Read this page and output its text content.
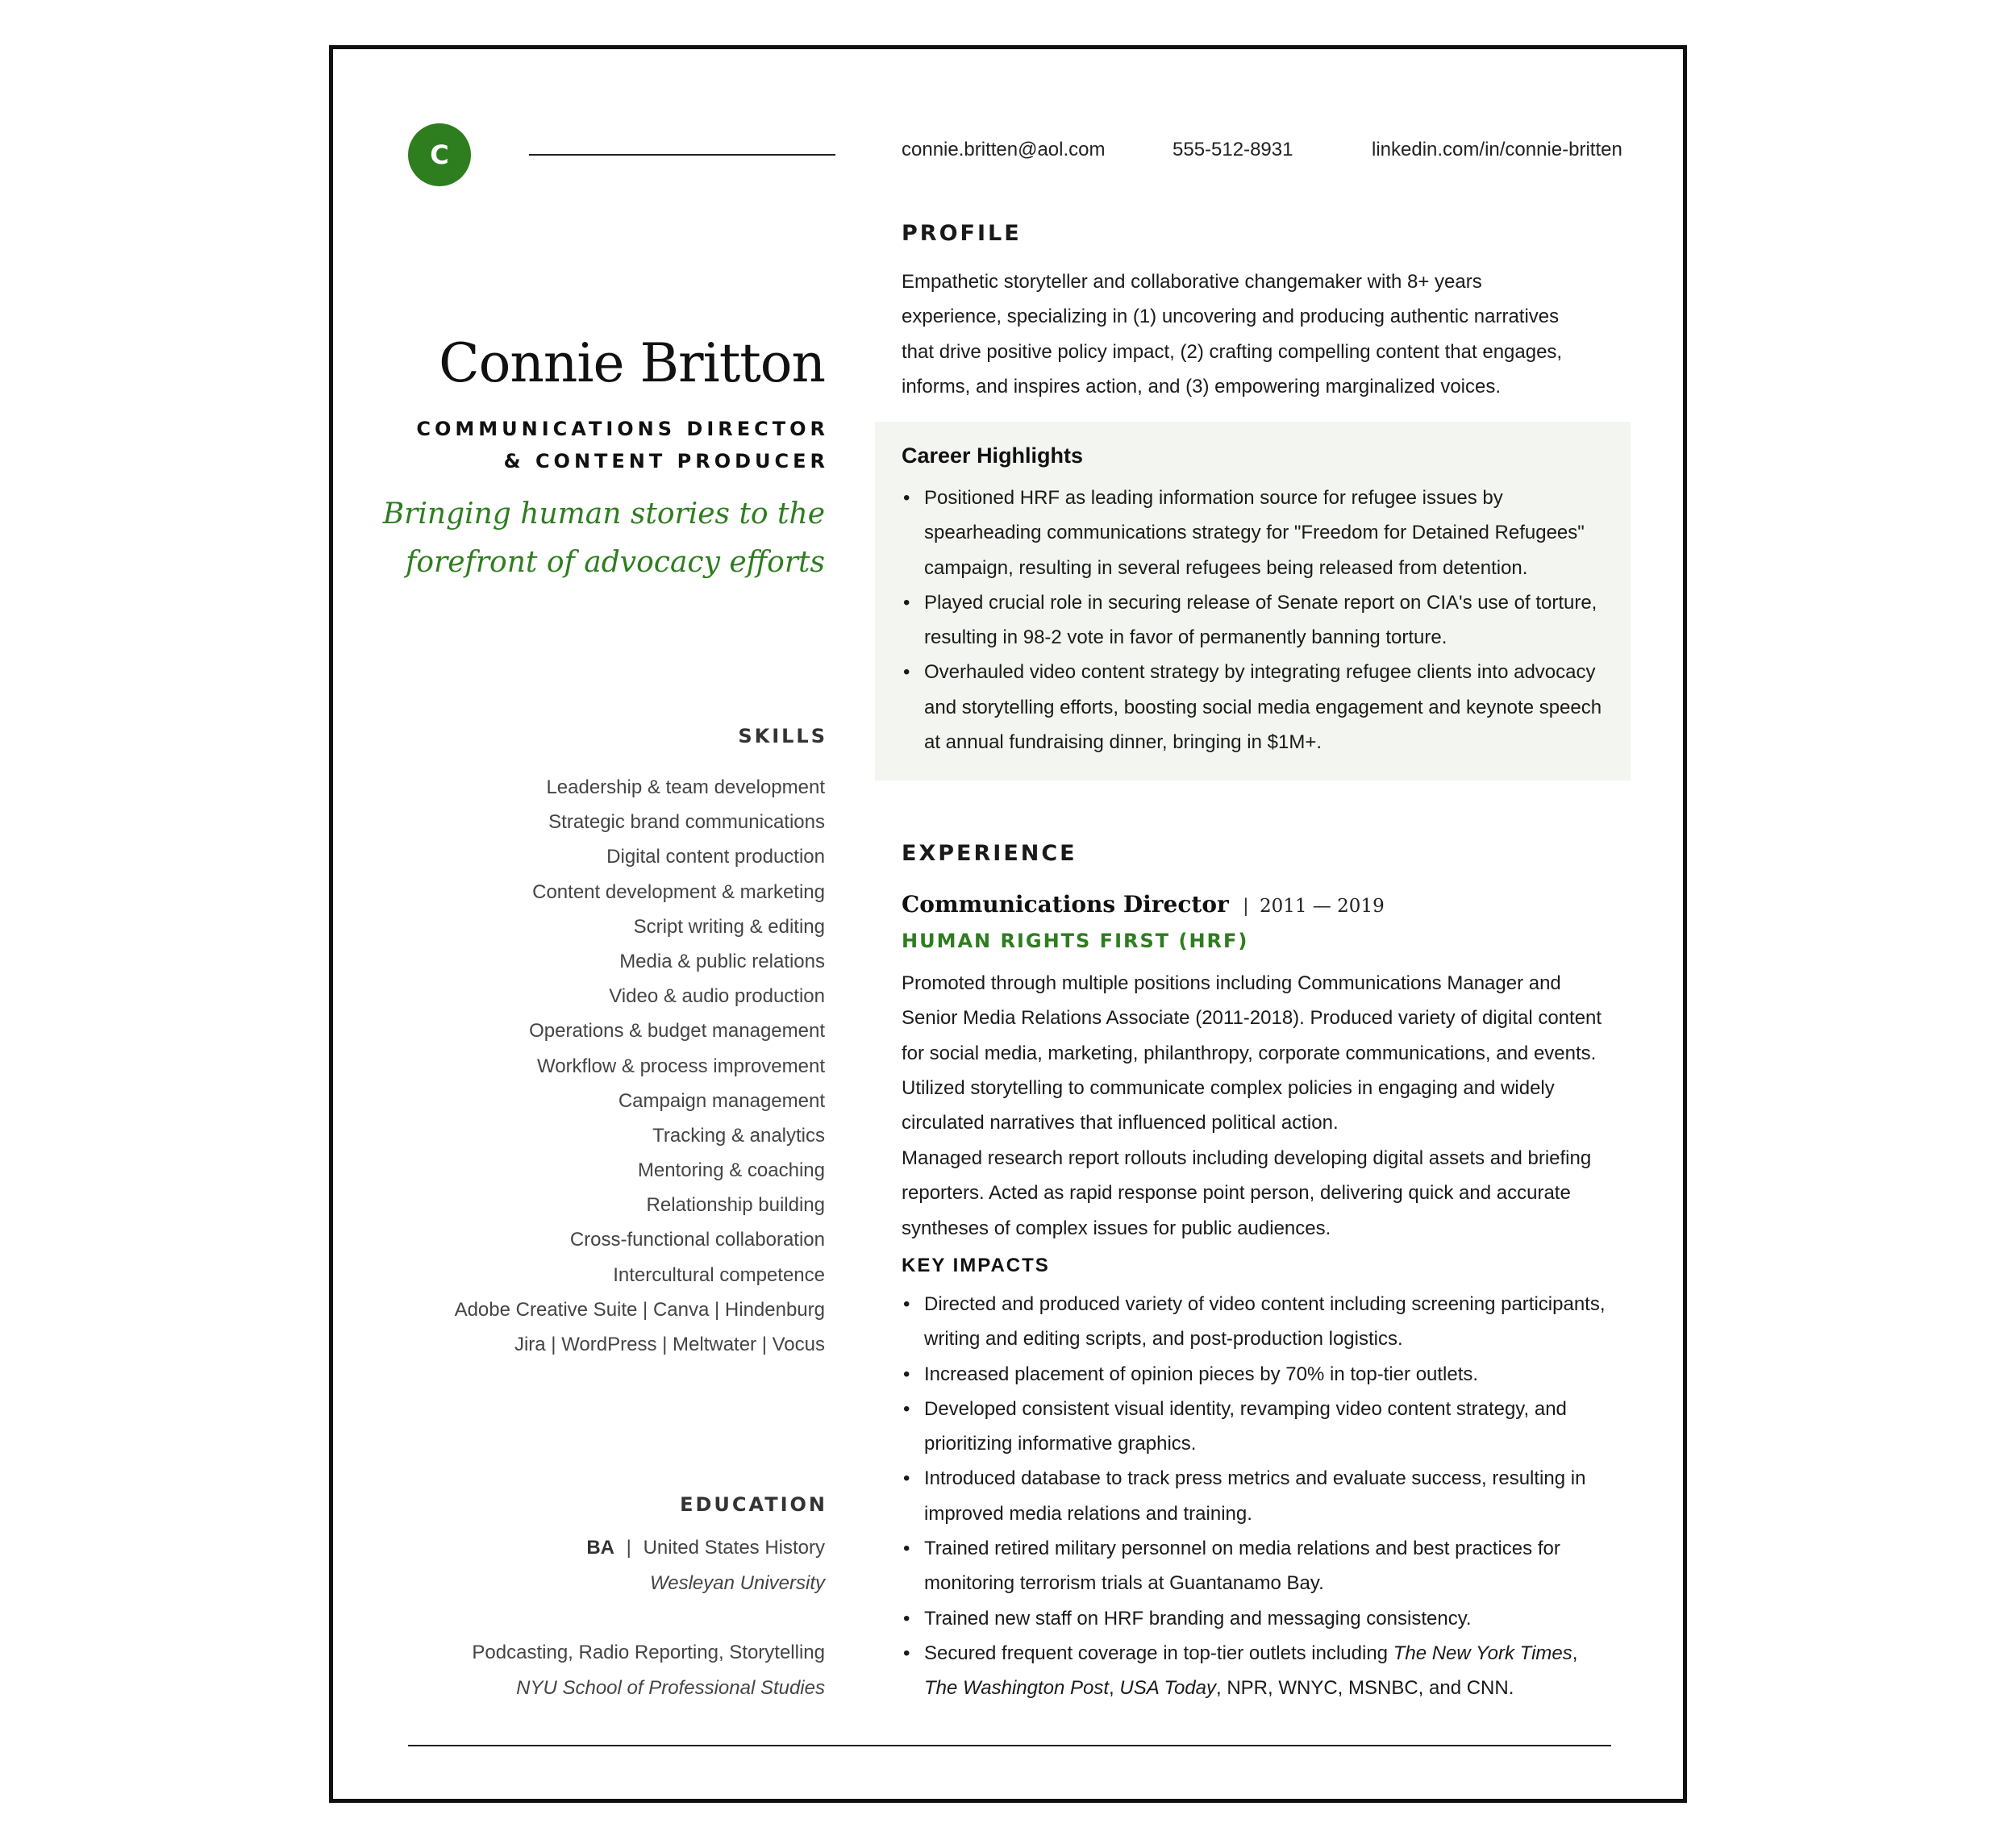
C	connie.britten@aol.com	555-512-8931	linkedin.com/in/connie-britten
Connie Britton
COMMUNICATIONS DIRECTOR
& CONTENT PRODUCER
Bringing human stories to the
forefront of advocacy efforts
SKILLS
Leadership & team development
Strategic brand communications
Digital content production
Content development & marketing
Script writing & editing
Media & public relations
Video & audio production
Operations & budget management
Workflow & process improvement
Campaign management
Tracking & analytics
Mentoring & coaching
Relationship building
Cross-functional collaboration
Intercultural competence
Adobe Creative Suite | Canva | Hindenburg
Jira | WordPress | Meltwater | Vocus
EDUCATION
BA | United States History
Wesleyan University
Podcasting, Radio Reporting, Storytelling
NYU School of Professional Studies
PROFILE
Empathetic storyteller and collaborative changemaker with 8+ years
experience, specializing in (1) uncovering and producing authentic narratives
that drive positive policy impact, (2) crafting compelling content that engages,
informs, and inspires action, and (3) empowering marginalized voices.
Career Highlights
• Positioned HRF as leading information source for refugee issues by spearheading communications strategy for "Freedom for Detained Refugees" campaign, resulting in several refugees being released from detention.
• Played crucial role in securing release of Senate report on CIA's use of torture, resulting in 98-2 vote in favor of permanently banning torture.
• Overhauled video content strategy by integrating refugee clients into advocacy and storytelling efforts, boosting social media engagement and keynote speech at annual fundraising dinner, bringing in $1M+.
EXPERIENCE
Communications Director | 2011 — 2019
HUMAN RIGHTS FIRST (HRF)
Promoted through multiple positions including Communications Manager and Senior Media Relations Associate (2011-2018). Produced variety of digital content for social media, marketing, philanthropy, corporate communications, and events. Utilized storytelling to communicate complex policies in engaging and widely circulated narratives that influenced political action.
Managed research report rollouts including developing digital assets and briefing reporters. Acted as rapid response point person, delivering quick and accurate syntheses of complex issues for public audiences.
KEY IMPACTS
• Directed and produced variety of video content including screening participants, writing and editing scripts, and post-production logistics.
• Increased placement of opinion pieces by 70% in top-tier outlets.
• Developed consistent visual identity, revamping video content strategy, and prioritizing informative graphics.
• Introduced database to track press metrics and evaluate success, resulting in improved media relations and training.
• Trained retired military personnel on media relations and best practices for monitoring terrorism trials at Guantanamo Bay.
• Trained new staff on HRF branding and messaging consistency.
• Secured frequent coverage in top-tier outlets including The New York Times, The Washington Post, USA Today, NPR, WNYC, MSNBC, and CNN.
